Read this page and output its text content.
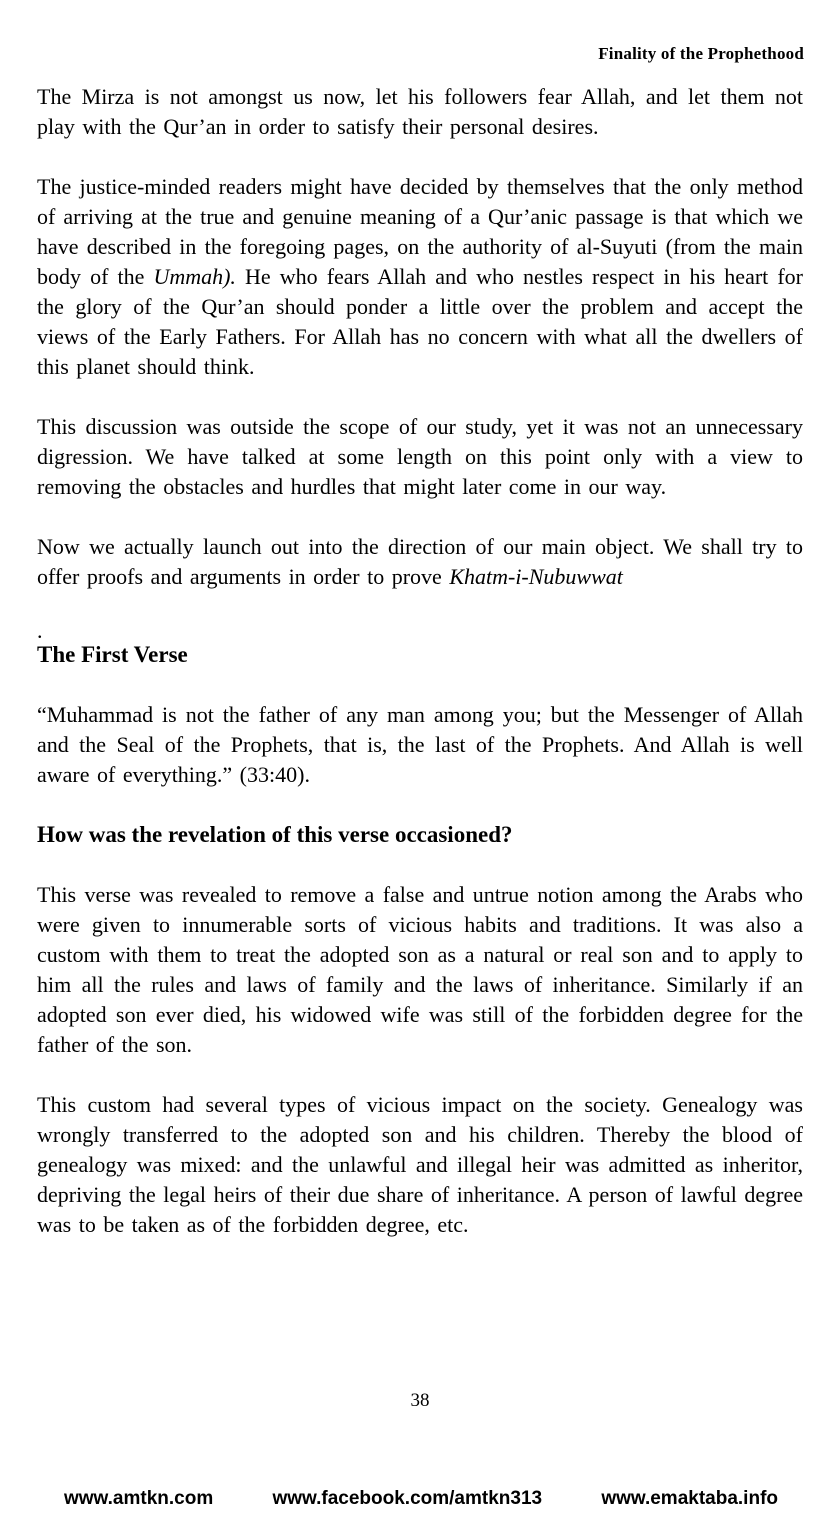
Finality of the Prophethood

The Mirza is not amongst us now, let his followers fear Allah, and let them not play with the Qur’an in order to satisfy their personal desires.

The justice-minded readers might have decided by themselves that the only method of arriving at the true and genuine meaning of a Qur’anic passage is that which we have described in the foregoing pages, on the authority of al-Suyuti (from the main body of the Ummah). He who fears Allah and who nestles respect in his heart for the glory of the Qur’an should ponder a little over the problem and accept the views of the Early Fathers. For Allah has no concern with what all the dwellers of this planet should think.

This discussion was outside the scope of our study, yet it was not an unnecessary digression. We have talked at some length on this point only with a view to removing the obstacles and hurdles that might later come in our way.

Now we actually launch out into the direction of our main object. We shall try to offer proofs and arguments in order to prove Khatm-i-Nubuwwat

.

The First Verse

“Muhammad is not the father of any man among you; but the Messenger of Allah and the Seal of the Prophets, that is, the last of the Prophets. And Allah is well aware of everything.” (33:40).

How was the revelation of this verse occasioned?

This verse was revealed to remove a false and untrue notion among the Arabs who were given to innumerable sorts of vicious habits and traditions. It was also a custom with them to treat the adopted son as a natural or real son and to apply to him all the rules and laws of family and the laws of inheritance. Similarly if an adopted son ever died, his widowed wife was still of the forbidden degree for the father of the son.

This custom had several types of vicious impact on the society. Genealogy was wrongly transferred to the adopted son and his children. Thereby the blood of genealogy was mixed: and the unlawful and illegal heir was admitted as inheritor, depriving the legal heirs of their due share of inheritance. A person of lawful degree was to be taken as of the forbidden degree, etc.

38
www.amtkn.com	www.facebook.com/amtkn313	www.emaktaba.info
